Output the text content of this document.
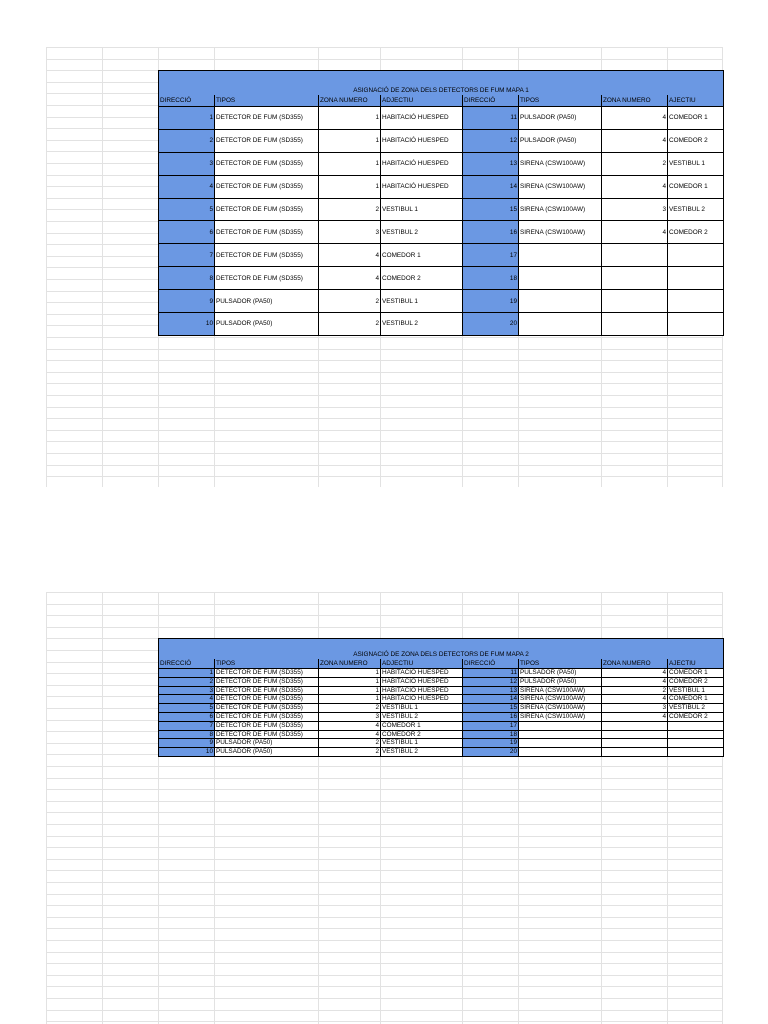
ASIGNACIÓ DE ZONA DELS DETECTORS DE FUM MAPA 1							
DIRECCIÓ	TIPOS	ZONA NUMERO	ADJECTIU	DIRECCIÓ	TIPOS	ZONA NUMERO	AJECTIU
1	DETECTOR DE FUM (SD355)	1	HABITACIÓ HUESPED	11	PULSADOR (PA50)	4	COMEDOR 1
2	DETECTOR DE FUM (SD355)	1	HABITACIÓ HUESPED	12	PULSADOR (PA50)	4	COMEDOR 2
3	DETECTOR DE FUM (SD355)	1	HABITACIÓ HUESPED	13	SIRENA (CSW100AW)	2	VESTIBUL 1
4	DETECTOR DE FUM (SD355)	1	HABITACIÓ HUESPED	14	SIRENA (CSW100AW)	4	COMEDOR 1
5	DETECTOR DE FUM (SD355)	2	VESTIBUL 1	15	SIRENA (CSW100AW)	3	VESTIBUL 2
6	DETECTOR DE FUM (SD355)	3	VESTIBUL 2	16	SIRENA (CSW100AW)	4	COMEDOR 2
7	DETECTOR DE FUM (SD355)	4	COMEDOR 1	17			
8	DETECTOR DE FUM (SD355)	4	COMEDOR 2	18			
9	PULSADOR (PA50)	2	VESTIBUL 1	19			
10	PULSADOR (PA50)	2	VESTIBUL 2	20			
ASIGNACIÓ DE ZONA DELS DETECTORS DE FUM MAPA 2							
DIRECCIÓ	TIPOS	ZONA NUMERO	ADJECTIU	DIRECCIÓ	TIPOS	ZONA NUMERO	AJECTIU
1	DETECTOR DE FUM (SD355)	1	HABITACIÓ HUESPED	11	PULSADOR (PA50)	4	COMEDOR 1
2	DETECTOR DE FUM (SD355)	1	HABITACIÓ HUESPED	12	PULSADOR (PA50)	4	COMEDOR 2
3	DETECTOR DE FUM (SD355)	1	HABITACIÓ HUESPED	13	SIRENA (CSW100AW)	2	VESTIBUL 1
4	DETECTOR DE FUM (SD355)	1	HABITACIÓ HUESPED	14	SIRENA (CSW100AW)	4	COMEDOR 1
5	DETECTOR DE FUM (SD355)	2	VESTIBUL 1	15	SIRENA (CSW100AW)	3	VESTIBUL 2
6	DETECTOR DE FUM (SD355)	3	VESTIBUL 2	16	SIRENA (CSW100AW)	4	COMEDOR 2
7	DETECTOR DE FUM (SD355)	4	COMEDOR 1	17			
8	DETECTOR DE FUM (SD355)	4	COMEDOR 2	18			
9	PULSADOR (PA50)	2	VESTIBUL 1	19			
10	PULSADOR (PA50)	2	VESTIBUL 2	20			
